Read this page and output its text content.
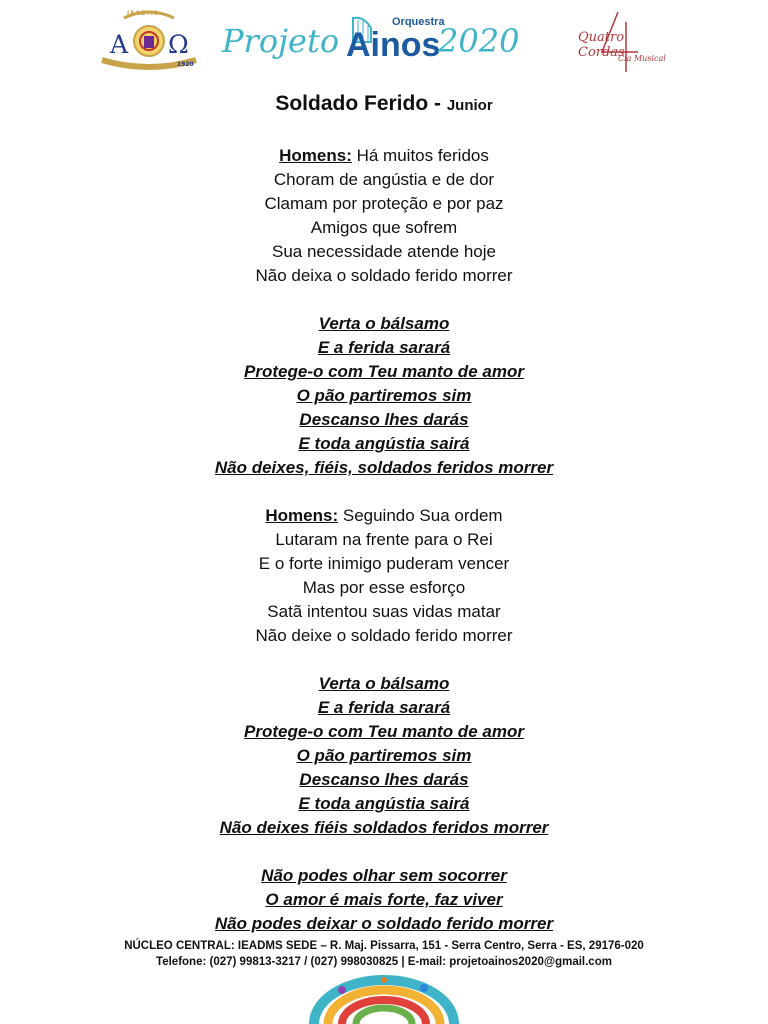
IEADMS
Α Ω
1920
Projeto	Orquestra
Ainos
2020	Quatro Cordas
Cia Musical
Soldado Ferido - Junior
Homens: Há muitos feridos
Choram de angústia e de dor
Clamam por proteção e por paz
Amigos que sofrem
Sua necessidade atende hoje
Não deixa o soldado ferido morrer
Verta o bálsamo
E a ferida sarará
Protege-o com Teu manto de amor
O pão partiremos sim
Descanso lhes darás
E toda angústia sairá
Não deixes, fiéis, soldados feridos morrer
Homens: Seguindo Sua ordem
Lutaram na frente para o Rei
E o forte inimigo puderam vencer
Mas por esse esforço
Satã intentou suas vidas matar
Não deixe o soldado ferido morrer
Verta o bálsamo
E a ferida sarará
Protege-o com Teu manto de amor
O pão partiremos sim
Descanso lhes darás
E toda angústia sairá
Não deixes fiéis soldados feridos morrer
Não podes olhar sem socorrer
O amor é mais forte, faz viver
Não podes deixar o soldado ferido morrer
NÚCLEO CENTRAL: IEADMS SEDE – R. Maj. Pissarra, 151 - Serra Centro, Serra - ES, 29176-020
Telefone: (027) 99813-3217 / (027) 998030825 | E-mail: projetoainos2020@gmail.com
